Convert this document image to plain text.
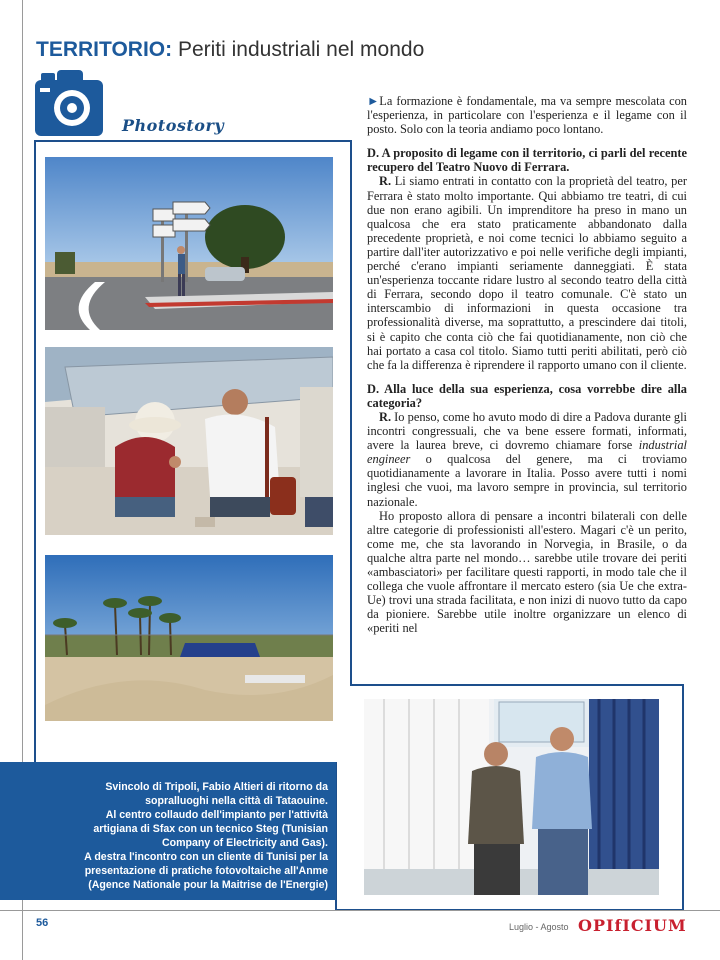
TERRITORIO: Periti industriali nel mondo
Photostory

►La formazione è fondamentale, ma va sempre mescolata con l'esperienza, in particolare con l'esperienza e il legame con il posto. Solo con la teoria andiamo poco lontano.

D. A proposito di legame con il territorio, ci parli del recente recupero del Teatro Nuovo di Ferrara.

R. Li siamo entrati in contatto con la proprietà del teatro, per Ferrara è stato molto importante. Qui abbiamo tre teatri, di cui due non erano agibili. Un imprenditore ha preso in mano un qualcosa che era stato praticamente abbandonato dalla precedente proprietà, e noi come tecnici lo abbiamo seguito a partire dall'iter autorizzativo e poi nelle verifiche degli impianti, perché c'erano impianti seriamente danneggiati. È stata un'esperienza toccante ridare lustro al secondo teatro della città di Ferrara, secondo dopo il teatro comunale. C'è stato un interscambio di informazioni in questa occasione tra professionalità diverse, ma soprattutto, a prescindere dai titoli, si è capito che conta ciò che fai quotidianamente, non ciò che hai portato a casa col titolo. Siamo tutti periti abilitati, però ciò che fa la differenza è riprendere il rapporto umano con il cliente.

D. Alla luce della sua esperienza, cosa vorrebbe dire alla categoria?

R. Io penso, come ho avuto modo di dire a Padova durante gli incontri congressuali, che va bene essere formati, informati, avere la laurea breve, ci dovremo chiamare forse industrial engineer o qualcosa del genere, ma ci troviamo quotidianamente a lavorare in Italia. Posso avere tutti i nomi inglesi che vuoi, ma lavoro sempre in provincia, sul territorio nazionale.

Ho proposto allora di pensare a incontri bilaterali con delle altre categorie di professionisti all'estero. Magari c'è un perito, come me, che sta lavorando in Norvegia, in Brasile, o da qualche altra parte nel mondo… sarebbe utile trovare dei periti «ambasciatori» per facilitare questi rapporti, in modo tale che il collega che vuole affrontare il mercato estero (sia Ue che extra-Ue) trovi una strada facilitata, e non inizi di nuovo tutto da capo da pioniere. Sarebbe utile inoltre organizzare un elenco di «periti nel

Svincolo di Tripoli, Fabio Altieri di ritorno da
sopralluoghi nella città di Tataouine.
Al centro collaudo dell'impianto per l'attività
artigiana di Sfax con un tecnico Steg (Tunisian
Company of Electricity and Gas).
A destra l'incontro con un cliente di Tunisi per la
presentazione di pratiche fotovoltaiche all'Anme
(Agence Nationale pour la Maitrise de l'Energie)
56	Luglio - Agosto OPIfICIUM
